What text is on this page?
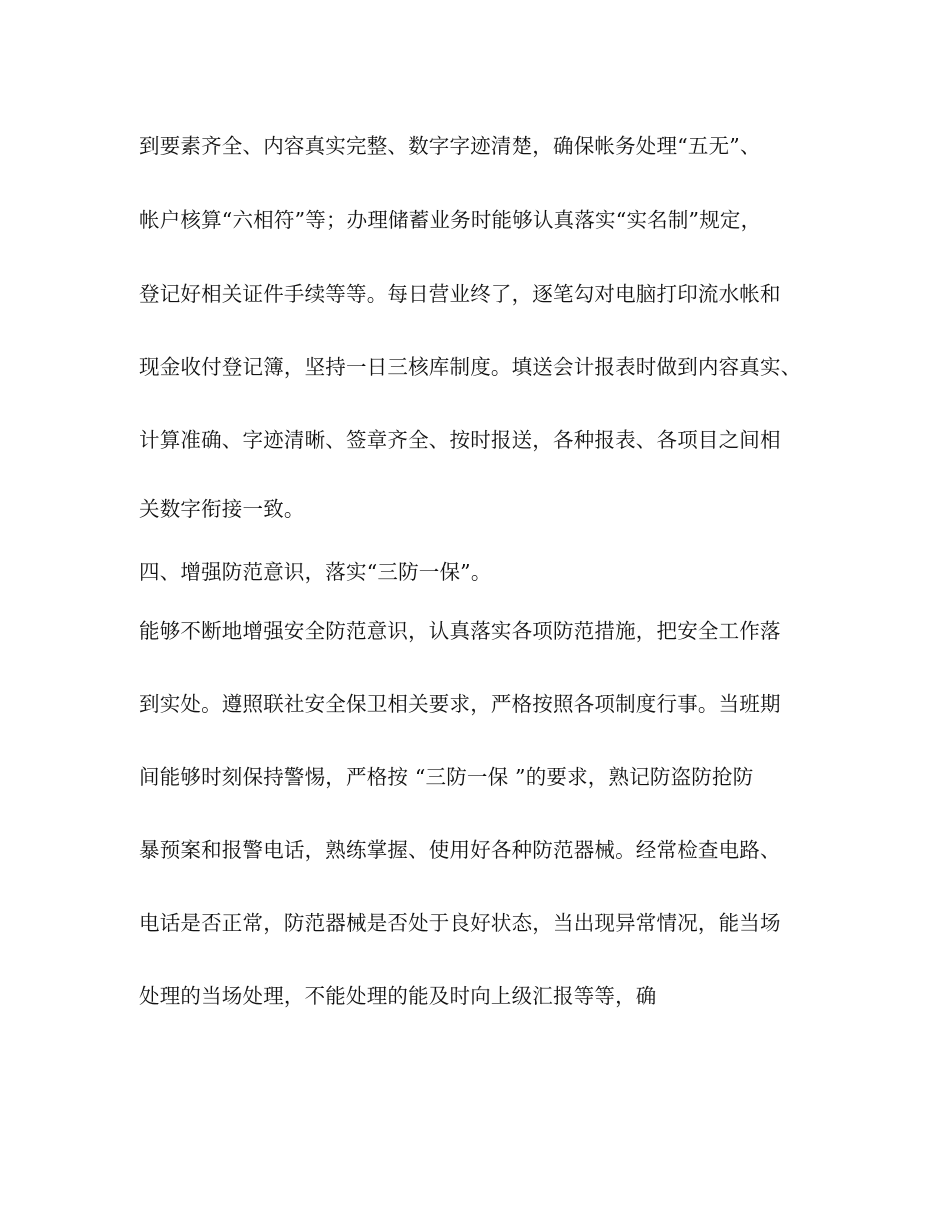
到要素齐全、内容真实完整、数字字迹清楚，确保帐务处理“五无”、
帐户核算“六相符”等；办理储蓄业务时能够认真落实“实名制”规定，
登记好相关证件手续等等。每日营业终了，逐笔勾对电脑打印流水帐和
现金收付登记簿，坚持一日三核库制度。填送会计报表时做到内容真实、
计算准确、字迹清晰、签章齐全、按时报送，各种报表、各项目之间相
关数字衔接一致。
四、增强防范意识，落实“三防一保”。
能够不断地增强安全防范意识，认真落实各项防范措施，把安全工作落
到实处。遵照联社安全保卫相关要求，严格按照各项制度行事。当班期
间能够时刻保持警惕，严格按 “三防一保 ”的要求，熟记防盗防抢防
暴预案和报警电话，熟练掌握、使用好各种防范器械。经常检查电路、
电话是否正常，防范器械是否处于良好状态，当出现异常情况，能当场
处理的当场处理，不能处理的能及时向上级汇报等等，确
